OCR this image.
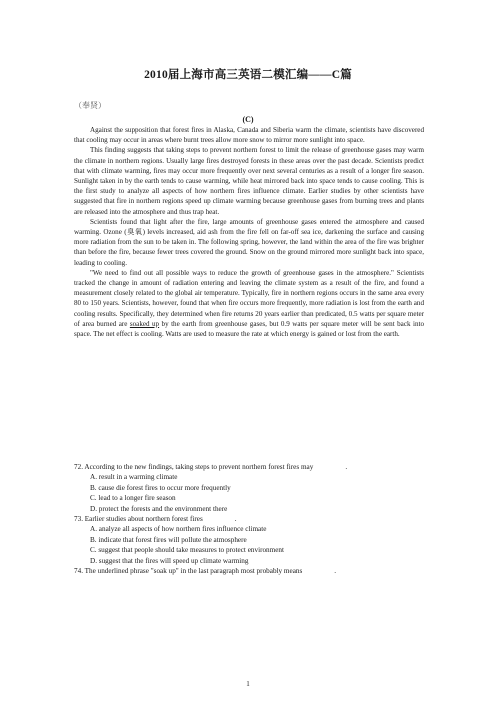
2010届上海市高三英语二模汇编——C篇
（奉贤）
(C)

Against the supposition that forest fires in Alaska, Canada and Siberia warm the climate, scientists have discovered that cooling may occur in areas where burnt trees allow more snow to mirror more sunlight into space.

This finding suggests that taking steps to prevent northern forest to limit the release of greenhouse gases may warm the climate in northern regions. Usually large fires destroyed forests in these areas over the past decade. Scientists predict that with climate warming, fires may occur more frequently over next several centuries as a result of a longer fire season. Sunlight taken in by the earth tends to cause warming, while heat mirrored back into space tends to cause cooling. This is the first study to analyze all aspects of how northern fires influence climate. Earlier studies by other scientists have suggested that fire in northern regions speed up climate warming because greenhouse gases from burning trees and plants are released into the atmosphere and thus trap heat.

Scientists found that light after the fire, large amounts of greenhouse gases entered the atmosphere and caused warming. Ozone (臭氧) levels increased, aid ash from the fire fell on far-off sea ice, darkening the surface and causing more radiation from the sun to be taken in. The following spring, however, the land within the area of the fire was brighter than before the fire, because fewer trees covered the ground. Snow on the ground mirrored more sunlight back into space, leading to cooling.

"We need to find out all possible ways to reduce the growth of greenhouse gases in the atmosphere." Scientists tracked the change in amount of radiation entering and leaving the climate system as a result of the fire, and found a measurement closely related to the global air temperature. Typically, fire in northern regions occurs in the same area every 80 to 150 years. Scientists, however, found that when fire occurs more frequently, more radiation is lost from the earth and cooling results. Specifically, they determined when fire returns 20 years earlier than predicated, 0.5 watts per square meter of area burned are soaked up by the earth from greenhouse gases, but 0.9 watts per square meter will be sent back into space. The net effect is cooling. Watts are used to measure the rate at which energy is gained or lost from the earth.

72. According to the new findings, taking steps to prevent northern forest fires may	.

A. result in a warming climate

B. cause die forest fires to occur more frequently

C. lead to a longer fire season

D. protect the forests and the environment there

73. Earlier studies about northern forest fires	.

A. analyze all aspects of how northern fires influence climate

B. indicate that forest fires will pollute the atmosphere

C. suggest that people should take measures to protect environment

D. suggest that the fires will speed up climate warming

74. The underlined phrase "soak up" in the last paragraph most probably means	.

1
